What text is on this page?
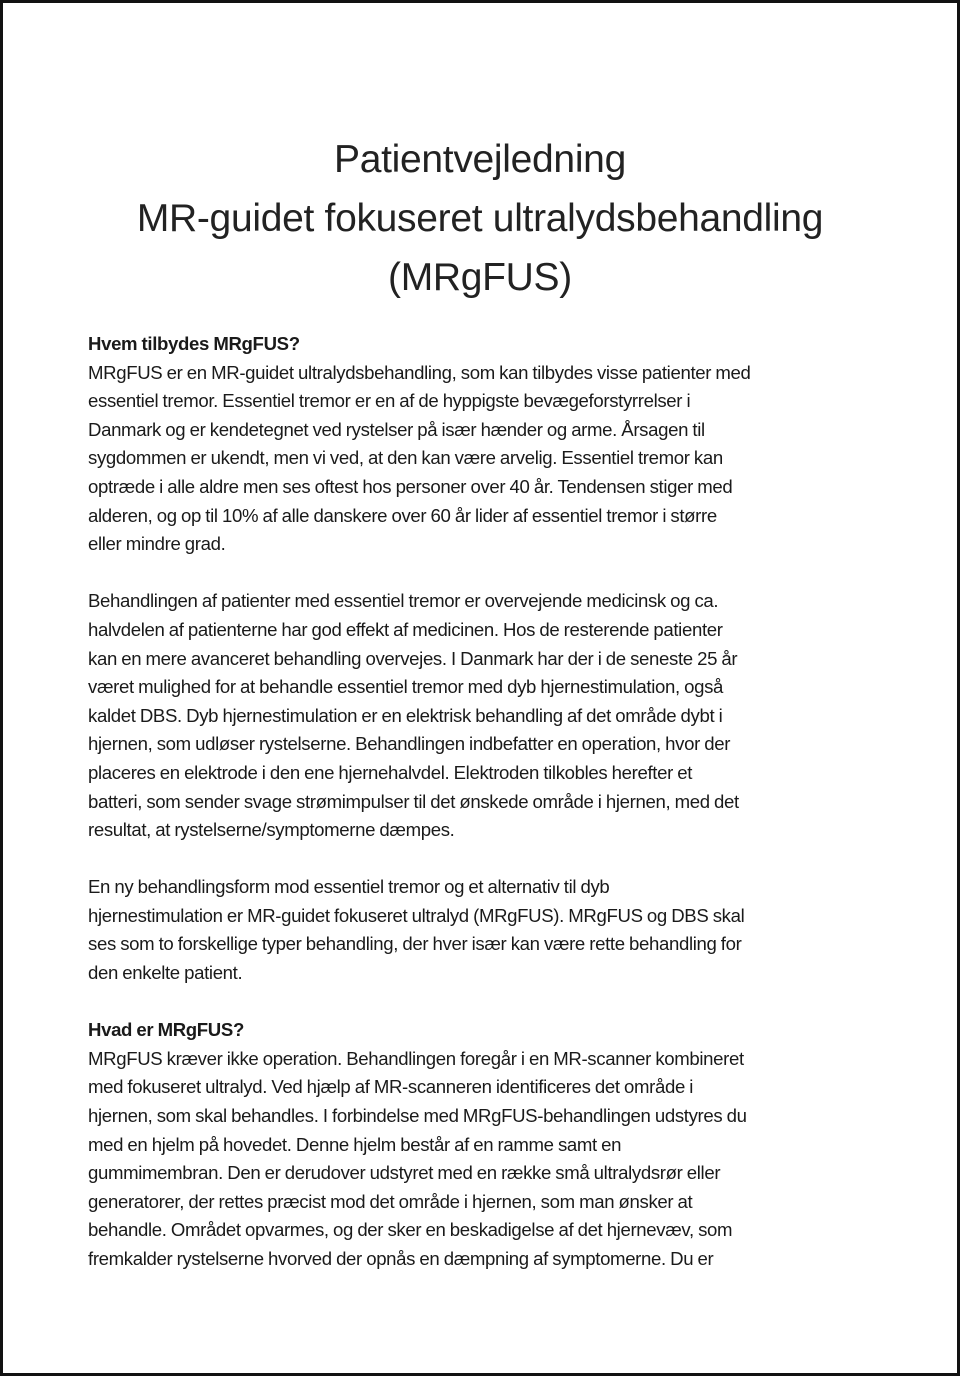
Patientvejledning
MR-guidet fokuseret ultralydsbehandling
(MRgFUS)
Hvem tilbydes MRgFUS?
MRgFUS er en MR-guidet ultralydsbehandling, som kan tilbydes visse patienter med
essentiel tremor. Essentiel tremor er en af de hyppigste bevægeforstyrrelser i
Danmark og er kendetegnet ved rystelser på især hænder og arme. Årsagen til
sygdommen er ukendt, men vi ved, at den kan være arvelig. Essentiel tremor kan
optræde i alle aldre men ses oftest hos personer over 40 år. Tendensen stiger med
alderen, og op til 10% af alle danskere over 60 år lider af essentiel tremor i større
eller mindre grad.
Behandlingen af patienter med essentiel tremor er overvejende medicinsk og ca.
halvdelen af patienterne har god effekt af medicinen. Hos de resterende patienter
kan en mere avanceret behandling overvejes. I Danmark har der i de seneste 25 år
været mulighed for at behandle essentiel tremor med dyb hjernestimulation, også
kaldet DBS. Dyb hjernestimulation er en elektrisk behandling af det område dybt i
hjernen, som udløser rystelserne. Behandlingen indbefatter en operation, hvor der
placeres en elektrode i den ene hjernehalvdel. Elektroden tilkobles herefter et
batteri, som sender svage strømimpulser til det ønskede område i hjernen, med det
resultat, at rystelserne/symptomerne dæmpes.
En ny behandlingsform mod essentiel tremor og et alternativ til dyb
hjernestimulation er MR-guidet fokuseret ultralyd (MRgFUS). MRgFUS og DBS skal
ses som to forskellige typer behandling, der hver især kan være rette behandling for
den enkelte patient.
Hvad er MRgFUS?
MRgFUS kræver ikke operation. Behandlingen foregår i en MR-scanner kombineret
med fokuseret ultralyd. Ved hjælp af MR-scanneren identificeres det område i
hjernen, som skal behandles. I forbindelse med MRgFUS-behandlingen udstyres du
med en hjelm på hovedet. Denne hjelm består af en ramme samt en
gummimembran. Den er derudover udstyret med en række små ultralydsrør eller
generatorer, der rettes præcist mod det område i hjernen, som man ønsker at
behandle. Området opvarmes, og der sker en beskadigelse af det hjernevæv, som
fremkalder rystelserne hvorved der opnås en dæmpning af symptomerne. Du er
